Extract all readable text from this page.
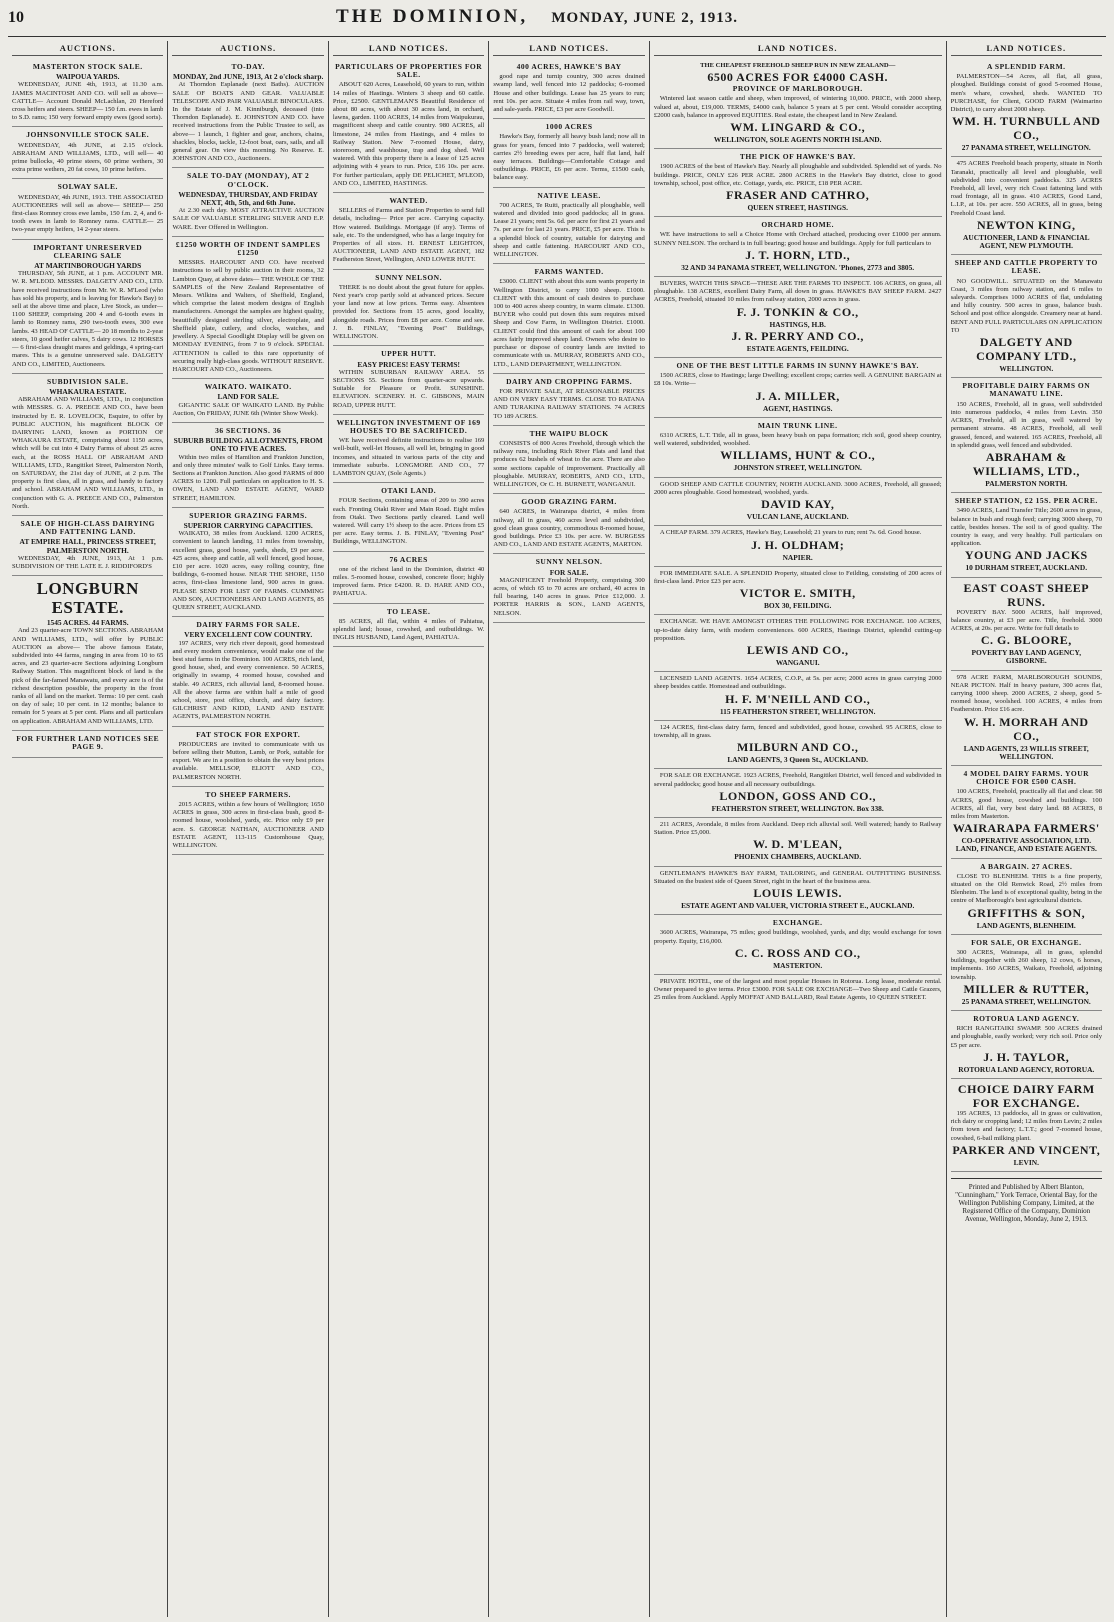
10	THE DOMINION, MONDAY, JUNE 2, 1913.
AUCTIONS.
MASTERTON STOCK SALE.
WAIPOUA YARDS.
WEDNESDAY, JUNE 4th, 1913, at 11.30 a.m. JAMES MACINTOSH AND CO. will sell as above— CATTLE— Account Donald McLachlan, 20 Hereford cross heifers and steers. SHEEP— 150 f.m. ewes in lamb to S.D. rams; 150 very forward empty ewes (good sorts).
JOHNSONVILLE STOCK SALE.
WEDNESDAY, 4th JUNE, at 2.15 o'clock. ABRAHAM AND WILLIAMS, LTD., will sell— 40 prime bullocks, 40 prime steers, 60 prime wethers, 30 extra prime wethers, 20 fat cows, 10 prime heifers.
SOLWAY SALE.
WEDNESDAY, 4th JUNE, 1913. THE ASSOCIATED AUCTIONEERS will sell as above— SHEEP— 250 first-class Romney cross ewe lambs, 150 f.m. 2, 4, and 6-tooth ewes in lamb to Romney rams. CATTLE— 25 two-year empty heifers, 14 2-year steers.
IMPORTANT UNRESERVED CLEARING SALE
AT MARTINBOROUGH YARDS
THURSDAY, 5th JUNE, at 1 p.m. ACCOUNT MR. W. R. M'LEOD. MESSRS. DALGETY AND CO., LTD. have received instructions from Mr. W. R. M'Leod (who has sold his property, and is leaving for Hawke's Bay) to sell at the above time and place, Live Stock, as under— 1100 SHEEP, comprising 200 4 and 6-tooth ewes in lamb to Romney rams, 290 two-tooth ewes, 300 ewe lambs. 43 HEAD OF CATTLE— 20 18 months to 2-year steers, 10 good heifer calves, 5 dairy cows. 12 HORSES— 6 first-class draught mares and geldings, 4 spring-cart mares. This is a genuine unreserved sale. DALGETY AND CO., LIMITED, Auctioneers.
SUBDIVISION SALE.
WHAKAURA ESTATE.
ABRAHAM AND WILLIAMS, LTD., in conjunction with MESSRS. G. A. PREECE AND CO., have been instructed by E. R. LOVELOCK, Esquire, to offer by PUBLIC AUCTION, his magnificent BLOCK OF DAIRYING LAND, known as PORTION OF WHAKAURA ESTATE, comprising about 1150 acres, which will be cut into 4 Dairy Farms of about 25 acres each, at the ROSS HALL OF ABRAHAM AND WILLIAMS, LTD., Rangitikei Street, Palmerston North, on SATURDAY, the 21st day of JUNE, at 2 p.m. The property is first class, all in grass, and handy to factory and school. ABRAHAM AND WILLIAMS, LTD., in conjunction with G. A. PREECE AND CO., Palmerston North.
SALE OF HIGH-CLASS DAIRYING AND FATTENING LAND.
AT EMPIRE HALL, PRINCESS STREET, PALMERSTON NORTH.
WEDNESDAY, 4th JUNE, 1913, At 1 p.m. SUBDIVISION OF THE LATE E. J. RIDDIFORD'S
LONGBURN ESTATE.
1545 ACRES. 44 FARMS.
And 23 quarter-acre TOWN SECTIONS. ABRAHAM AND WILLIAMS, LTD., will offer by PUBLIC AUCTION as above— The above famous Estate, subdivided into 44 farms, ranging in area from 10 to 65 acres, and 23 quarter-acre Sections adjoining Longburn Railway Station. This magnificent block of land is the pick of the far-famed Manawatu, and every acre is of the richest description possible, the property in the front ranks of all land on the market. Terms: 10 per cent. cash on day of sale; 10 per cent. in 12 months; balance to remain for 5 years at 5 per cent. Plans and all particulars on application. ABRAHAM AND WILLIAMS, LTD.
FOR FURTHER LAND NOTICES SEE PAGE 9.
AUCTIONS.
TO-DAY.
MONDAY, 2nd JUNE, 1913, At 2 o'clock sharp.
At Thorndon Esplanade (next Baths). AUCTION SALE OF BOATS AND GEAR. VALUABLE TELESCOPE AND PAIR VALUABLE BINOCULARS. In the Estate of J. M. Kinniburgh, deceased (into Thorndon Esplanade). E. JOHNSTON AND CO. have received instructions from the Public Trustee to sell, as above— 1 launch, 1 fighter and gear, anchors, chains, shackles, blocks, tackle, 12-foot boat, oars, sails, and all general gear. On view this morning. No Reserve. E. JOHNSTON AND CO., Auctioneers.
SALE TO-DAY (MONDAY), AT 2 O'CLOCK.
WEDNESDAY, THURSDAY, AND FRIDAY NEXT, 4th, 5th, and 6th June.
At 2.30 each day. MOST ATTRACTIVE AUCTION SALE OF VALUABLE STERLING SILVER AND E.P. WARE. Ever Offered in Wellington.
£1250 WORTH OF INDENT SAMPLES £1250
MESSRS. HARCOURT AND CO. have received instructions to sell by public auction in their rooms, 32 Lambton Quay, at above dates— THE WHOLE OF THE SAMPLES of the New Zealand Representative of Messrs. Wilkins and Walters, of Sheffield, England, which comprise the latest modern designs of English manufacturers. Amongst the samples are highest quality, beautifully designed sterling silver, electroplate, and Sheffield plate, cutlery, and clocks, watches, and jewellery. A Special Goodlight Display will be given on MONDAY EVENING, from 7 to 9 o'clock. SPECIAL ATTENTION is called to this rare opportunity of securing really high-class goods. WITHOUT RESERVE. HARCOURT AND CO., Auctioneers.
WAIKATO. WAIKATO.
LAND FOR SALE.
GIGANTIC SALE OF WAIKATO LAND. By Public Auction, On FRIDAY, JUNE 6th (Winter Show Week).
36 SECTIONS. 36
SUBURB BUILDING ALLOTMENTS, FROM ONE TO FIVE ACRES.
Within two miles of Hamilton and Frankton Junction, and only three minutes' walk to Golf Links. Easy terms. Sections at Frankton Junction. Also good FARMS of 800 ACRES to 1200. Full particulars on application to H. S. OWEN, LAND AND ESTATE AGENT, WARD STREET, HAMILTON.
SUPERIOR GRAZING FARMS.
SUPERIOR CARRYING CAPACITIES.
WAIKATO, 38 miles from Auckland. 1200 ACRES, convenient to launch landing, 11 miles from township, excellent grass, good house, yards, sheds, £9 per acre. 425 acres, sheep and cattle, all well fenced, good house, £10 per acre. 1020 acres, easy rolling country, fine buildings, 6-roomed house. NEAR THE SHORE, 1150 acres, first-class limestone land, 900 acres in grass. PLEASE SEND FOR LIST OF FARMS. CUMMING AND SON, AUCTIONEERS AND LAND AGENTS, 85 QUEEN STREET, AUCKLAND.
DAIRY FARMS FOR SALE.
VERY EXCELLENT COW COUNTRY.
197 ACRES, very rich river deposit, good homestead and every modern convenience, would make one of the best stud farms in the Dominion. 100 ACRES, rich land, good house, shed, and every convenience. 50 ACRES, originally in swamp, 4 roomed house, cowshed and stable. 49 ACRES, rich alluvial land, 8-roomed house. All the above farms are within half a mile of good school, store, post office, church, and dairy factory. GILCHRIST AND KIDD, LAND AND ESTATE AGENTS, PALMERSTON NORTH.
FAT STOCK FOR EXPORT.
PRODUCERS are invited to communicate with us before selling their Mutton, Lamb, or Pork, suitable for export. We are in a position to obtain the very best prices available. MELLSOP, ELIOTT AND CO., PALMERSTON NORTH.
TO SHEEP FARMERS.
2015 ACRES, within a few hours of Wellington; 1650 ACRES in grass, 300 acres in first-class bush, good 8-roomed house, woolshed, yards, etc. Price only £9 per acre. S. GEORGE NATHAN, AUCTIONEER AND ESTATE AGENT, 113-115 Customhouse Quay, WELLINGTON.
LAND NOTICES.
PARTICULARS OF PROPERTIES FOR SALE.
ABOUT 620 Acres, Leasehold, 60 years to run, within 14 miles of Hastings. Winters 3 sheep and 60 cattle. Price, £2500. GENTLEMAN'S Beautiful Residence of about 80 acres, with about 30 acres land, in orchard, lawns, garden. 1100 ACRES, 14 miles from Waipukurau, magnificent sheep and cattle country. 980 ACRES, all limestone, 24 miles from Hastings, and 4 miles to Railway Station. New 7-roomed House, dairy, storeroom, and washhouse, trap and dog shed. Well watered. With this property there is a lease of 125 acres adjoining with 4 years to run. Price, £16 10s. per acre. For further particulars, apply DE PELICHET, M'LEOD, AND CO., LIMITED, HASTINGS.
WANTED.
SELLERS of Farms and Station Properties to send full details, including— Price per acre. Carrying capacity. How watered. Buildings. Mortgage (if any). Terms of sale, etc. To the undersigned, who has a large inquiry for Properties of all sizes. H. ERNEST LEIGHTON, AUCTIONEER, LAND AND ESTATE AGENT, 182 Featherston Street, Wellington, AND LOWER HUTT.
SUNNY NELSON.
THERE is no doubt about the great future for apples. Next year's crop partly sold at advanced prices. Secure your land now at low prices. Terms easy. Absentees provided for. Sections from 15 acres, good locality, alongside roads. Prices from £8 per acre. Come and see. J. B. FINLAY, "Evening Post" Buildings, WELLINGTON.
UPPER HUTT.
EASY PRICES! EASY TERMS!
WITHIN SUBURBAN RAILWAY AREA. 55 SECTIONS 55. Sections from quarter-acre upwards. Suitable for Pleasure or Profit. SUNSHINE. ELEVATION. SCENERY. H. C. GIBBONS, MAIN ROAD, UPPER HUTT.
WELLINGTON INVESTMENT OF 169 HOUSES TO BE SACRIFICED.
WE have received definite instructions to realise 169 well-built, well-let Houses, all well let, bringing in good incomes, and situated in various parts of the city and immediate suburbs. LONGMORE AND CO., 77 LAMBTON QUAY, (Sole Agents.)
OTAKI LAND.
FOUR Sections, containing areas of 209 to 390 acres each. Fronting Otaki River and Main Road. Eight miles from Otaki. Two Sections partly cleared. Land well watered. Will carry 1½ sheep to the acre. Prices from £5 per acre. Easy terms. J. B. FINLAY, "Evening Post" Buildings, WELLINGTON.
76 ACRES
one of the richest land in the Dominion, district 40 miles. 5-roomed house, cowshed, concrete floor; highly improved farm. Price £4200. R. D. HARE AND CO., PAHIATUA.
TO LEASE.
85 ACRES, all flat, within 4 miles of Pahiatua, splendid land; house, cowshed, and outbuildings. W. INGLIS HUSBAND, Land Agent, PAHIATUA.
LAND NOTICES.
400 ACRES, HAWKE'S BAY
good rape and turnip country, 300 acres drained swamp land, well fenced into 12 paddocks; 6-roomed House and other buildings. Lease has 25 years to run; rent 10s. per acre. Situate 4 miles from rail way, town, and sale-yards. PRICE, £3 per acre Goodwill.
1000 ACRES
Hawke's Bay, formerly all heavy bush land; now all in grass for years, fenced into 7 paddocks, well watered; carries 2½ breeding ewes per acre, half flat land, half easy terraces. Buildings—Comfortable Cottage and outbuildings. PRICE, £6 per acre. Terms, £1500 cash, balance easy.
NATIVE LEASE.
700 ACRES, Te Ruiti, practically all ploughable, well watered and divided into good paddocks; all in grass. Lease 21 years; rent 5s. 6d. per acre for first 21 years and 7s. per acre for last 21 years. PRICE, £5 per acre. This is a splendid block of country, suitable for dairying and sheep and cattle fattening. HARCOURT AND CO., WELLINGTON.
FARMS WANTED.
£3000. CLIENT with about this sum wants property in Wellington District, to carry 1000 sheep. £1000. CLIENT with this amount of cash desires to purchase 100 to 400 acres sheep country, in warm climate. £1300. BUYER who could put down this sum requires mixed Sheep and Cow Farm, in Wellington District. £1000. CLIENT could find this amount of cash for about 100 acres fairly improved sheep land. Owners who desire to purchase or dispose of country lands are invited to communicate with us. MURRAY, ROBERTS AND CO., LTD., LAND DEPARTMENT, WELLINGTON.
DAIRY AND CROPPING FARMS.
FOR PRIVATE SALE, AT REASONABLE PRICES AND ON VERY EASY TERMS. CLOSE TO RATANA AND TURAKINA RAILWAY STATIONS. 74 ACRES TO 189 ACRES.
THE WAIPU BLOCK
CONSISTS of 800 Acres Freehold, through which the railway runs, including Rich River Flats and land that produces 62 bushels of wheat to the acre. There are also some sections capable of improvement. Practically all ploughable. MURRAY, ROBERTS, AND CO., LTD., WELLINGTON, Or C. H. BURNETT, WANGANUI.
GOOD GRAZING FARM.
640 ACRES, in Wairarapa district, 4 miles from railway, all in grass, 460 acres level and subdivided, good clean grass country, commodious 8-roomed house, good buildings. Price £3 10s. per acre. W. BURGESS AND CO., LAND AND ESTATE AGENTS, MARTON.
SUNNY NELSON.
FOR SALE.
MAGNIFICENT Freehold Property, comprising 300 acres, of which 65 to 70 acres are orchard, 40 acres in full bearing, 140 acres in grass. Price £12,000. J. PORTER HARRIS & SON., LAND AGENTS, NELSON.
LAND NOTICES.
THE CHEAPEST FREEHOLD SHEEP RUN IN NEW ZEALAND—
6500 ACRES FOR £4000 CASH.
PROVINCE OF MARLBOROUGH.
Wintered last season cattle and sheep, when improved, of wintering 10,000. PRICE, with 2000 sheep, valued at, about, £19,000. TERMS, £4000 cash, balance 5 years at 5 per cent. Would consider accepting £2000 cash, balance in approved EQUITIES. Real estate, the cheapest land in New Zealand.
WM. LINGARD & CO.,
WELLINGTON, SOLE AGENTS NORTH ISLAND.
THE PICK OF HAWKE'S BAY.
1900 ACRES of the best of Hawke's Bay. Nearly all ploughable and subdivided. Splendid set of yards. No buildings. PRICE, ONLY £26 PER ACRE. 2800 ACRES in the Hawke's Bay district, close to good township, school, post office, etc. Cottage, yards, etc. PRICE, £18 PER ACRE.
FRASER AND CATHRO,
QUEEN STREET, HASTINGS.
ORCHARD HOME.
WE have instructions to sell a Choice Home with Orchard attached, producing over £1000 per annum. SUNNY NELSON. The orchard is in full bearing; good house and buildings. Apply for full particulars to
J. T. HORN, LTD.,
32 AND 34 PANAMA STREET, WELLINGTON. 'Phones, 2773 and 3805.
BUYERS, WATCH THIS SPACE—THESE ARE THE FARMS TO INSPECT. 106 ACRES, on grass, all ploughable. 138 ACRES, excellent Dairy Farm, all down in grass. HAWKE'S BAY SHEEP FARM. 2427 ACRES, Freehold, situated 10 miles from railway station, 2000 acres in grass.
F. J. TONKIN & CO.,
HASTINGS, H.B.
J. R. PERRY AND CO.,
ESTATE AGENTS, FEILDING.
ONE OF THE BEST LITTLE FARMS IN SUNNY HAWKE'S BAY.
1500 ACRES, close to Hastings; large Dwelling; excellent crops; carries well. A GENUINE BARGAIN at £8 10s. Write—
J. A. MILLER,
AGENT, HASTINGS.
MAIN TRUNK LINE.
6310 ACRES, L.T. Title, all in grass, been heavy bush on papa formation; rich soil, good sheep country, well watered, subdivided, woolshed.
WILLIAMS, HUNT & CO.,
JOHNSTON STREET, WELLINGTON.
GOOD SHEEP AND CATTLE COUNTRY, NORTH AUCKLAND. 3000 ACRES, Freehold, all grassed; 2000 acres ploughable. Good homestead, woolshed, yards.
DAVID KAY,
VULCAN LANE, AUCKLAND.
A CHEAP FARM. 379 ACRES, Hawke's Bay, Leasehold; 21 years to run; rent 7s. 6d. Good house.
J. H. OLDHAM;
NAPIER.
FOR IMMEDIATE SALE. A SPLENDID Property, situated close to Feilding, consisting of 200 acres of first-class land. Price £23 per acre.
VICTOR E. SMITH,
BOX 30, FEILDING.
EXCHANGE. WE HAVE AMONGST OTHERS THE FOLLOWING FOR EXCHANGE. 100 ACRES, up-to-date dairy farm, with modern conveniences. 600 ACRES, Hastings District, splendid cutting-up proposition.
LEWIS AND CO.,
WANGANUI.
LICENSED LAND AGENTS. 1654 ACRES, C.O.P., at 5s. per acre; 2000 acres in grass carrying 2000 sheep besides cattle. Homestead and outbuildings.
H. F. M'NEILL AND CO.,
115 FEATHERSTON STREET, WELLINGTON.
124 ACRES, first-class dairy farm, fenced and subdivided, good house, cowshed. 95 ACRES, close to township, all in grass.
MILBURN AND CO.,
LAND AGENTS, 3 Queen St., AUCKLAND.
FOR SALE OR EXCHANGE. 1923 ACRES, Freehold, Rangitikei District, well fenced and subdivided in several paddocks; good house and all necessary outbuildings.
LONDON, GOSS AND CO.,
FEATHERSTON STREET, WELLINGTON. Box 338.
211 ACRES, Avondale, 8 miles from Auckland. Deep rich alluvial soil. Well watered; handy to Railway Station. Price £5,000.
W. D. M'LEAN,
PHOENIX CHAMBERS, AUCKLAND.
GENTLEMAN'S HAWKE'S BAY FARM, TAILORING, and GENERAL OUTFITTING BUSINESS. Situated on the busiest side of Queen Street, right in the heart of the business area.
LOUIS LEWIS.
ESTATE AGENT AND VALUER, VICTORIA STREET E., AUCKLAND.
EXCHANGE.
3600 ACRES, Wairarapa, 75 miles; good buildings, woolshed, yards, and dip; would exchange for town property. Equity, £16,000.
C. C. ROSS AND CO.,
MASTERTON.
PRIVATE HOTEL, one of the largest and most popular Houses in Rotorua. Long lease, moderate rental. Owner prepared to give terms. Price £3000. FOR SALE OR EXCHANGE—Two Sheep and Cattle Grazers, 25 miles from Auckland. Apply MOFFAT AND BALLARD, Real Estate Agents, 10 QUEEN STREET.
LAND NOTICES.
A SPLENDID FARM.
PALMERSTON—54 Acres, all flat, all grass, ploughed. Buildings consist of good 5-roomed House, men's whare, cowshed, sheds. WANTED TO PURCHASE, for Client, GOOD FARM (Waimarino District), to carry about 2000 sheep.
WM. H. TURNBULL AND CO.,
27 PANAMA STREET, WELLINGTON.
475 ACRES Freehold beach property, situate in North Taranaki, practically all level and ploughable, well subdivided into convenient paddocks. 325 ACRES Freehold, all level, very rich Coast fattening land with road frontage, all in grass. 410 ACRES, Good Land, L.I.P., at 10s. per acre. 550 ACRES, all in grass, being Freehold Coast land.
NEWTON KING,
AUCTIONEER, LAND & FINANCIAL AGENT, NEW PLYMOUTH.
SHEEP AND CATTLE PROPERTY TO LEASE.
NO GOODWILL. SITUATED on the Manawatu Coast, 3 miles from railway station, and 6 miles to saleyards. Comprises 1000 ACRES of flat, undulating and hilly country. 500 acres in grass, balance bush. School and post office alongside. Creamery near at hand. BENT AND FULL PARTICULARS ON APPLICATION TO
DALGETY AND COMPANY LTD.,
WELLINGTON.
PROFITABLE DAIRY FARMS ON MANAWATU LINE.
150 ACRES, Freehold, all in grass, well subdivided into numerous paddocks, 4 miles from Levin. 350 ACRES, Freehold, all in grass, well watered by permanent streams. 48 ACRES, Freehold, all well grassed, fenced, and watered. 165 ACRES, Freehold, all in splendid grass, well fenced and subdivided.
ABRAHAM & WILLIAMS, LTD.,
PALMERSTON NORTH.
SHEEP STATION, £2 15S. PER ACRE.
3490 ACRES, Land Transfer Title; 2600 acres in grass, balance in bush and rough feed; carrying 3000 sheep, 70 cattle, besides horses. The soil is of good quality. The country is easy, and very healthy. Full particulars on application.
YOUNG AND JACKS
10 DURHAM STREET, AUCKLAND.
EAST COAST SHEEP RUNS.
POVERTY BAY. 5000 ACRES, half improved, balance country, at £3 per acre. Title, freehold. 3000 ACRES, at 20s. per acre. Write for full details to
C. G. BLOORE,
POVERTY BAY LAND AGENCY, GISBORNE.
978 ACRE FARM, MARLBOROUGH SOUNDS, NEAR PICTON. Half in heavy pasture, 300 acres flat, carrying 1000 sheep. 2000 ACRES, 2 sheep, good 5-roomed house, woolshed. 100 ACRES, 4 miles from Featherston. Price £16 acre.
W. H. MORRAH AND CO.,
LAND AGENTS, 23 WILLIS STREET, WELLINGTON.
4 MODEL DAIRY FARMS. YOUR CHOICE FOR £500 CASH.
100 ACRES, Freehold, practically all flat and clear. 98 ACRES, good house, cowshed and buildings. 100 ACRES, all flat, very best dairy land. 88 ACRES, 8 miles from Masterton.
WAIRARAPA FARMERS'
CO-OPERATIVE ASSOCIATION, LTD. LAND, FINANCE, AND ESTATE AGENTS.
A BARGAIN. 27 ACRES.
CLOSE TO BLENHEIM. THIS is a fine property, situated on the Old Renwick Road, 2½ miles from Blenheim. The land is of exceptional quality, being in the centre of Marlborough's best agricultural districts.
GRIFFITHS & SON,
LAND AGENTS, BLENHEIM.
FOR SALE, OR EXCHANGE.
300 ACRES, Wairarapa, all in grass, splendid buildings, together with 260 sheep, 12 cows, 6 horses, implements. 160 ACRES, Waikato, Freehold, adjoining township.
MILLER & RUTTER,
25 PANAMA STREET, WELLINGTON.
ROTORUA LAND AGENCY.
RICH RANGITAIKI SWAMP. 500 ACRES drained and ploughable, easily worked; very rich soil. Price only £5 per acre.
J. H. TAYLOR,
ROTORUA LAND AGENCY, ROTORUA.
CHOICE DAIRY FARM FOR EXCHANGE.
195 ACRES, 13 paddocks, all in grass or cultivation, rich dairy or cropping land; 12 miles from Levin; 2 miles from town and factory; L.T.T.; good 7-roomed house, cowshed, 6-bail milking plant.
PARKER AND VINCENT,
LEVIN.
Printed and Published by Albert Blanton, "Cunningham," York Terrace, Oriental Bay, for the Wellington Publishing Company, Limited, at the Registered Office of the Company, Dominion Avenue, Wellington, Monday, June 2, 1913.
